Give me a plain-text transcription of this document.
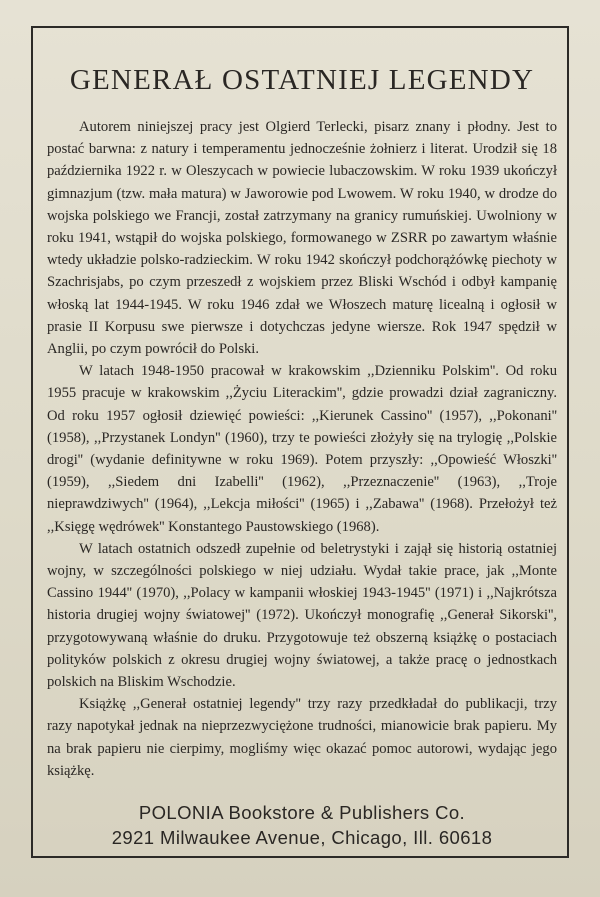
GENERAŁ OSTATNIEJ LEGENDY

Autorem niniejszej pracy jest Olgierd Terlecki, pisarz znany i płodny. Jest to postać barwna: z natury i temperamentu jednocześnie żołnierz i literat. Urodził się 18 października 1922 r. w Oleszycach w powiecie lubaczowskim. W roku 1939 ukończył gimnazjum (tzw. mała matura) w Jaworowie pod Lwowem. W roku 1940, w drodze do wojska polskiego we Francji, został zatrzymany na granicy rumuńskiej. Uwolniony w roku 1941, wstąpił do wojska polskiego, formowanego w ZSRR po zawartym właśnie wtedy układzie polsko-radzieckim. W roku 1942 skończył podchorążówkę piechoty w Szachrisjabs, po czym przeszedł z wojskiem przez Bliski Wschód i odbył kampanię włoską lat 1944-1945. W roku 1946 zdał we Włoszech maturę licealną i ogłosił w prasie II Korpusu swe pierwsze i dotychczas jedyne wiersze. Rok 1947 spędził w Anglii, po czym powrócił do Polski.

W latach 1948-1950 pracował w krakowskim ,,Dzienniku Polskim''. Od roku 1955 pracuje w krakowskim ,,Życiu Literackim'', gdzie prowadzi dział zagraniczny. Od roku 1957 ogłosił dziewięć powieści: ,,Kierunek Cassino'' (1957), ,,Pokonani'' (1958), ,,Przystanek Londyn'' (1960), trzy te powieści złożyły się na trylogię ,,Polskie drogi'' (wydanie definitywne w roku 1969). Potem przyszły: ,,Opowieść Włoszki'' (1959), ,,Siedem dni Izabelli'' (1962), ,,Przeznaczenie'' (1963), ,,Troje nieprawdziwych'' (1964), ,,Lekcja miłości'' (1965) i ,,Zabawa'' (1968). Przełożył też ,,Księgę wędrówek'' Konstantego Paustowskiego (1968).

W latach ostatnich odszedł zupełnie od beletrystyki i zajął się historią ostatniej wojny, w szczególności polskiego w niej udziału. Wydał takie prace, jak ,,Monte Cassino 1944'' (1970), ,,Polacy w kampanii włoskiej 1943-1945'' (1971) i ,,Najkrótsza historia drugiej wojny światowej'' (1972). Ukończył monografię ,,Generał Sikorski'', przygotowywaną właśnie do druku. Przygotowuje też obszerną książkę o postaciach polityków polskich z okresu drugiej wojny światowej, a także pracę o jednostkach polskich na Bliskim Wschodzie.

Książkę ,,Generał ostatniej legendy'' trzy razy przedkładał do publikacji, trzy razy napotykał jednak na nieprzezwyciężone trudności, mianowicie brak papieru. My na brak papieru nie cierpimy, mogliśmy więc okazać pomoc autorowi, wydając jego książkę.

POLONIA Bookstore & Publishers Co.
2921 Milwaukee Avenue, Chicago, Ill. 60618
